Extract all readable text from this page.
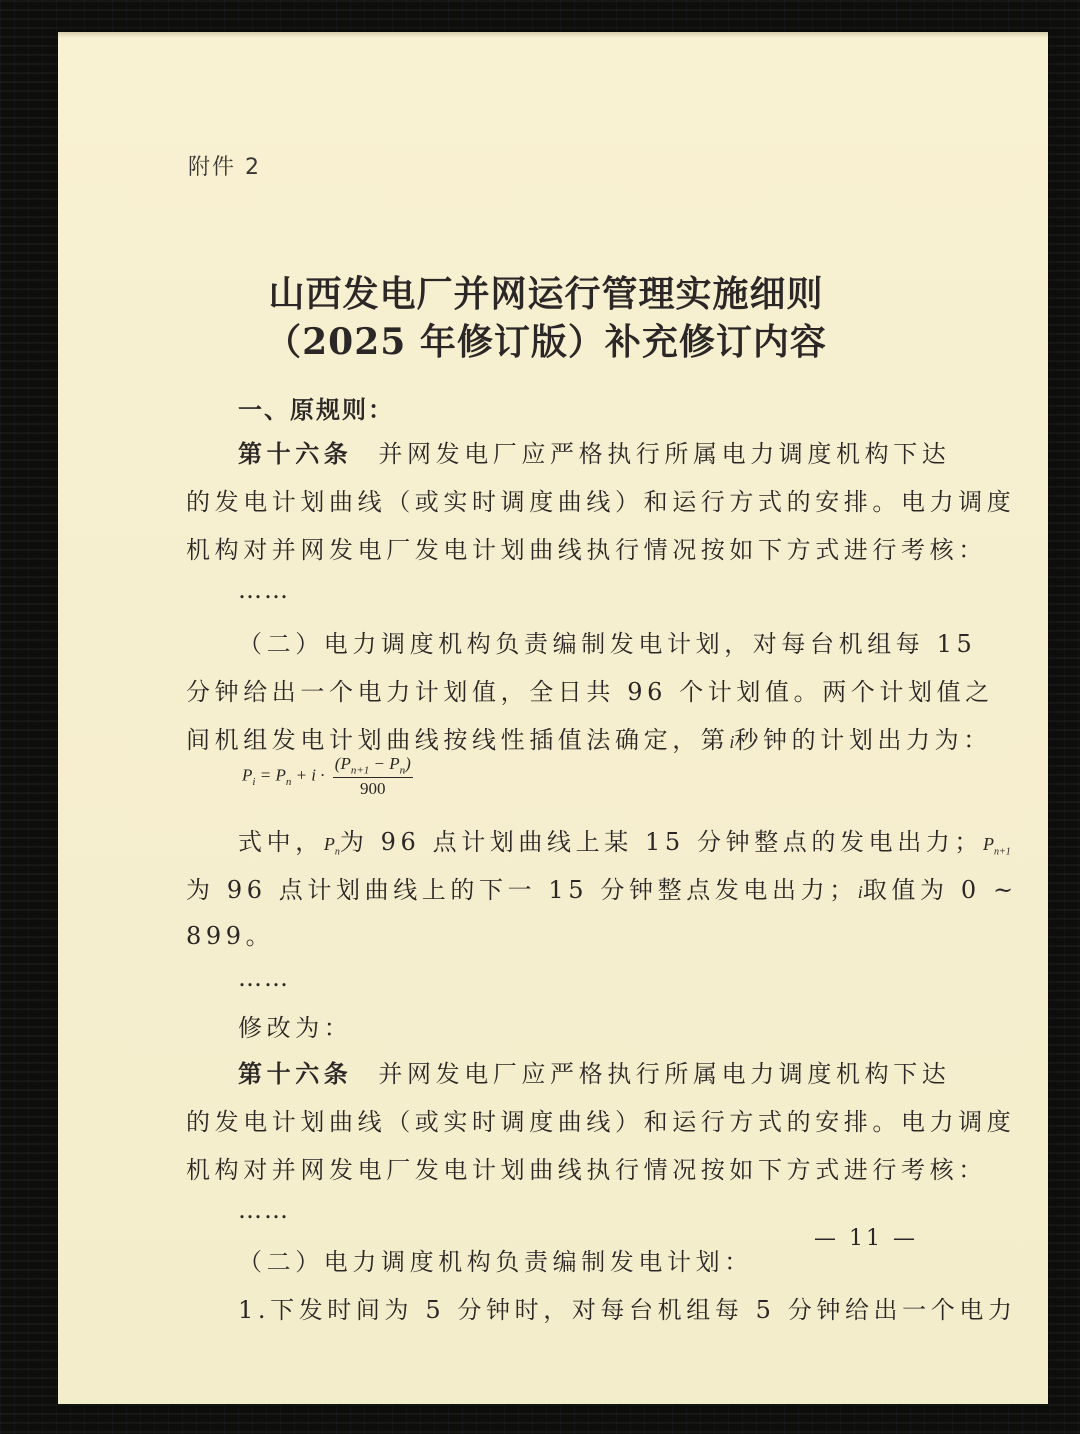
附件 2
山西发电厂并网运行管理实施细则
（2025 年修订版）补充修订内容
一、原规则：
第十六条 并网发电厂应严格执行所属电力调度机构下达
的发电计划曲线（或实时调度曲线）和运行方式的安排。电力调度
机构对并网发电厂发电计划曲线执行情况按如下方式进行考核：
……
（二）电力调度机构负责编制发电计划，对每台机组每 15
分钟给出一个电力计划值，全日共 96 个计划值。两个计划值之
间机组发电计划曲线按线性插值法确定，第i秒钟的计划出力为：
$P_i = P_n + i \cdot \frac{(P_{n+1} - P_n)}{900}$
式中，$P_n$为 96 点计划曲线上某 15 分钟整点的发电出力；$P_{n+1}$
为 96 点计划曲线上的下一 15 分钟整点发电出力；i取值为 0 ~
899。
……
修改为：
第十六条 并网发电厂应严格执行所属电力调度机构下达
的发电计划曲线（或实时调度曲线）和运行方式的安排。电力调度
机构对并网发电厂发电计划曲线执行情况按如下方式进行考核：
……
（二）电力调度机构负责编制发电计划：
1.下发时间为 5 分钟时，对每台机组每 5 分钟给出一个电力
— 11 —
